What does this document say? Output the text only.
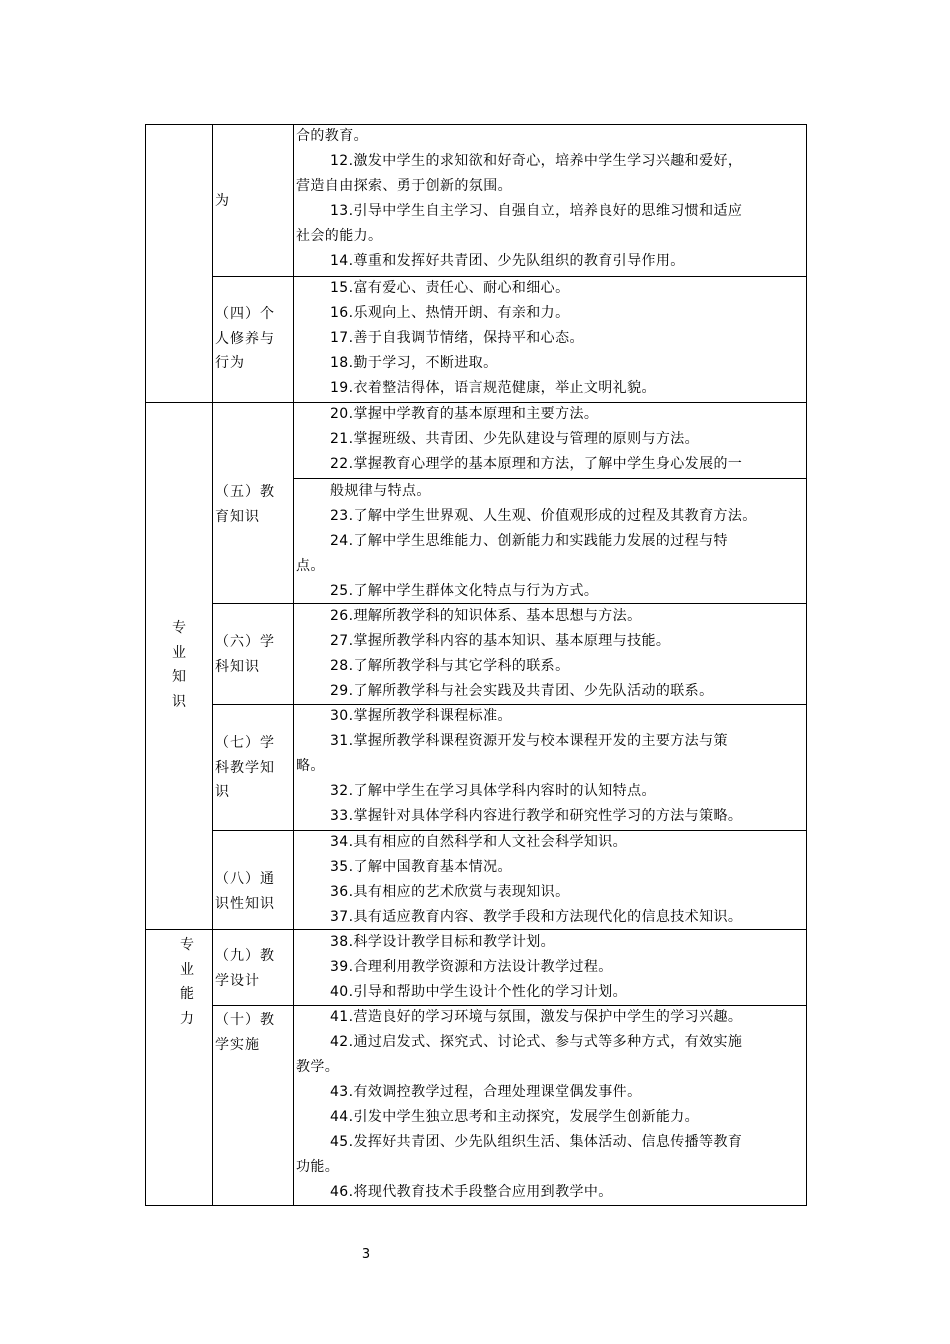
专
业
知
识
专
业
能
力
为
（四）个
人修养与
行为
（五）教
育知识
（六）学
科知识
（七）学
科教学知
识
（八）通
识性知识
（九）教
学设计
（十）教
学实施
合的教育。
12.激发中学生的求知欲和好奇心，培养中学生学习兴趣和爱好，
营造自由探索、勇于创新的氛围。
13.引导中学生自主学习、自强自立，培养良好的思维习惯和适应
社会的能力。
14.尊重和发挥好共青团、少先队组织的教育引导作用。
15.富有爱心、责任心、耐心和细心。
16.乐观向上、热情开朗、有亲和力。
17.善于自我调节情绪，保持平和心态。
18.勤于学习，不断进取。
19.衣着整洁得体，语言规范健康，举止文明礼貌。
20.掌握中学教育的基本原理和主要方法。
21.掌握班级、共青团、少先队建设与管理的原则与方法。
22.掌握教育心理学的基本原理和方法，了解中学生身心发展的一
般规律与特点。
23.了解中学生世界观、人生观、价值观形成的过程及其教育方法。
24.了解中学生思维能力、创新能力和实践能力发展的过程与特
点。
25.了解中学生群体文化特点与行为方式。
26.理解所教学科的知识体系、基本思想与方法。
27.掌握所教学科内容的基本知识、基本原理与技能。
28.了解所教学科与其它学科的联系。
29.了解所教学科与社会实践及共青团、少先队活动的联系。
30.掌握所教学科课程标准。
31.掌握所教学科课程资源开发与校本课程开发的主要方法与策
略。
32.了解中学生在学习具体学科内容时的认知特点。
33.掌握针对具体学科内容进行教学和研究性学习的方法与策略。
34.具有相应的自然科学和人文社会科学知识。
35.了解中国教育基本情况。
36.具有相应的艺术欣赏与表现知识。
37.具有适应教育内容、教学手段和方法现代化的信息技术知识。
38.科学设计教学目标和教学计划。
39.合理利用教学资源和方法设计教学过程。
40.引导和帮助中学生设计个性化的学习计划。
41.营造良好的学习环境与氛围，激发与保护中学生的学习兴趣。
42.通过启发式、探究式、讨论式、参与式等多种方式，有效实施
教学。
43.有效调控教学过程，合理处理课堂偶发事件。
44.引发中学生独立思考和主动探究，发展学生创新能力。
45.发挥好共青团、少先队组织生活、集体活动、信息传播等教育
功能。
46.将现代教育技术手段整合应用到教学中。
3
